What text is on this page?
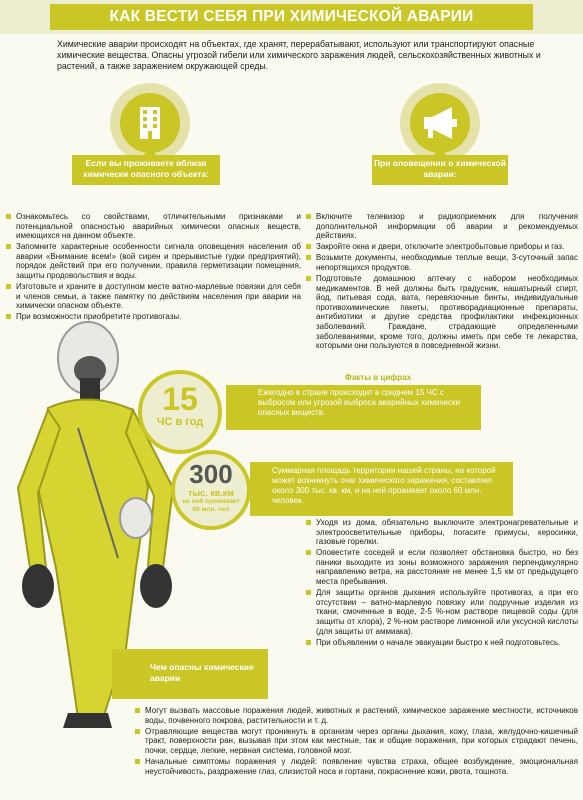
КАК ВЕСТИ СЕБЯ ПРИ ХИМИЧЕСКОЙ АВАРИИ
Химические аварии происходят на объектах, где хранят, перерабатывают, используют или транспортируют опасные химические вещества. Опасны угрозой гибели или химического заражения людей, сельскохозяйственных животных и растений, а также заражением окружающей среды.
Если вы проживаете вблизи химически опасного объекта:
При оповещении о химической аварии:
Ознакомьтесь со свойствами, отличительными признаками и потенциальной опасностью аварийных химически опасных веществ, имеющихся на данном объекте.
Запомните характерные особенности сигнала оповещения населения об аварии «Внимание всем!» (вой сирен и прерывистые гудки предприятий), порядок действий при его получении, правила герметизации помещения, защиты продовольствия и воды.
Изготовьте и храните в доступном месте ватно-марлевые повязки для себя и членов семьи, а также памятку по действиям населения при аварии на химически опасном объекте.
При возможности приобретите противогазы.
Включите телевизор и радиоприемник для получения дополнительной информации об аварии и рекомендуемых действиях.
Закройте окна и двери, отключите электробытовые приборы и газ.
Возьмите документы, необходимые теплые вещи, 3-суточный запас непортящихся продуктов.
Подготовьте домашнюю аптечку с набором необходимых медикаментов. В ней должны быть градусник, нашатырный спирт, йод, питьевая сода, вата, перевязочные бинты, индивидуальные противохимические пакеты, противорадиационные препараты, антибиотики и другие средства профилактики инфекционных заболеваний. Граждане, страдающие определенными заболеваниями, кроме того, должны иметь при себе те лекарства, которыми они пользуются в повседневной жизни.
Факты в цифрах
Ежегодно в стране происходит в среднем 15 ЧС с выбросом или угрозой выброса аварийных химически опасных веществ.
15
ЧС в год
Суммарная площадь территории нашей страны, на которой может возникнуть очаг химического заражения, составляет около 300 тыс. кв. км, и на ней проживает около 60 млн. человек.
300
тыс. кв.км
на ней проживает 60 млн. чел
Уходя из дома, обязательно выключите электронагревательные и электроосветительные приборы, погасите примусы, керосинки, газовые горелки.
Оповестите соседей и если позволяет обстановка быстро, но без паники выходите из зоны возможного заражения перпендикулярно направлению ветра, на расстояние не менее 1,5 км от предыдущего места пребывания.
Для защиты органов дыхания используйте противогаз, а при его отсутствии – ватно-марлевую повязку или подручные изделия из ткани, смоченные в воде, 2-5 %-ном растворе пищевой соды (для защиты от хлора), 2 %-ном растворе лимонной или уксусной кислоты (для защиты от аммиака).
При объявлении о начале эвакуации быстро к ней подготовьтесь.
Чем опасны химические аварии
Могут вызвать массовые поражения людей, животных и растений, химическое заражение местности, источников воды, почвенного покрова, растительности и т. д.
Отравляющие вещества могут проникнуть в организм через органы дыхания, кожу, глаза, желудочно-кишечный тракт, поверхности ран, вызывая при этом как местные, так и общие поражения, при которых страдают печень, почки, сердце, легкие, нервная система, головной мозг.
Начальные симптомы поражения у людей: появление чувства страха, общее возбуждение, эмоциональная неустойчивость, раздражение глаз, слизистой носа и гортани, покраснение кожи, рвота, тошнота.
